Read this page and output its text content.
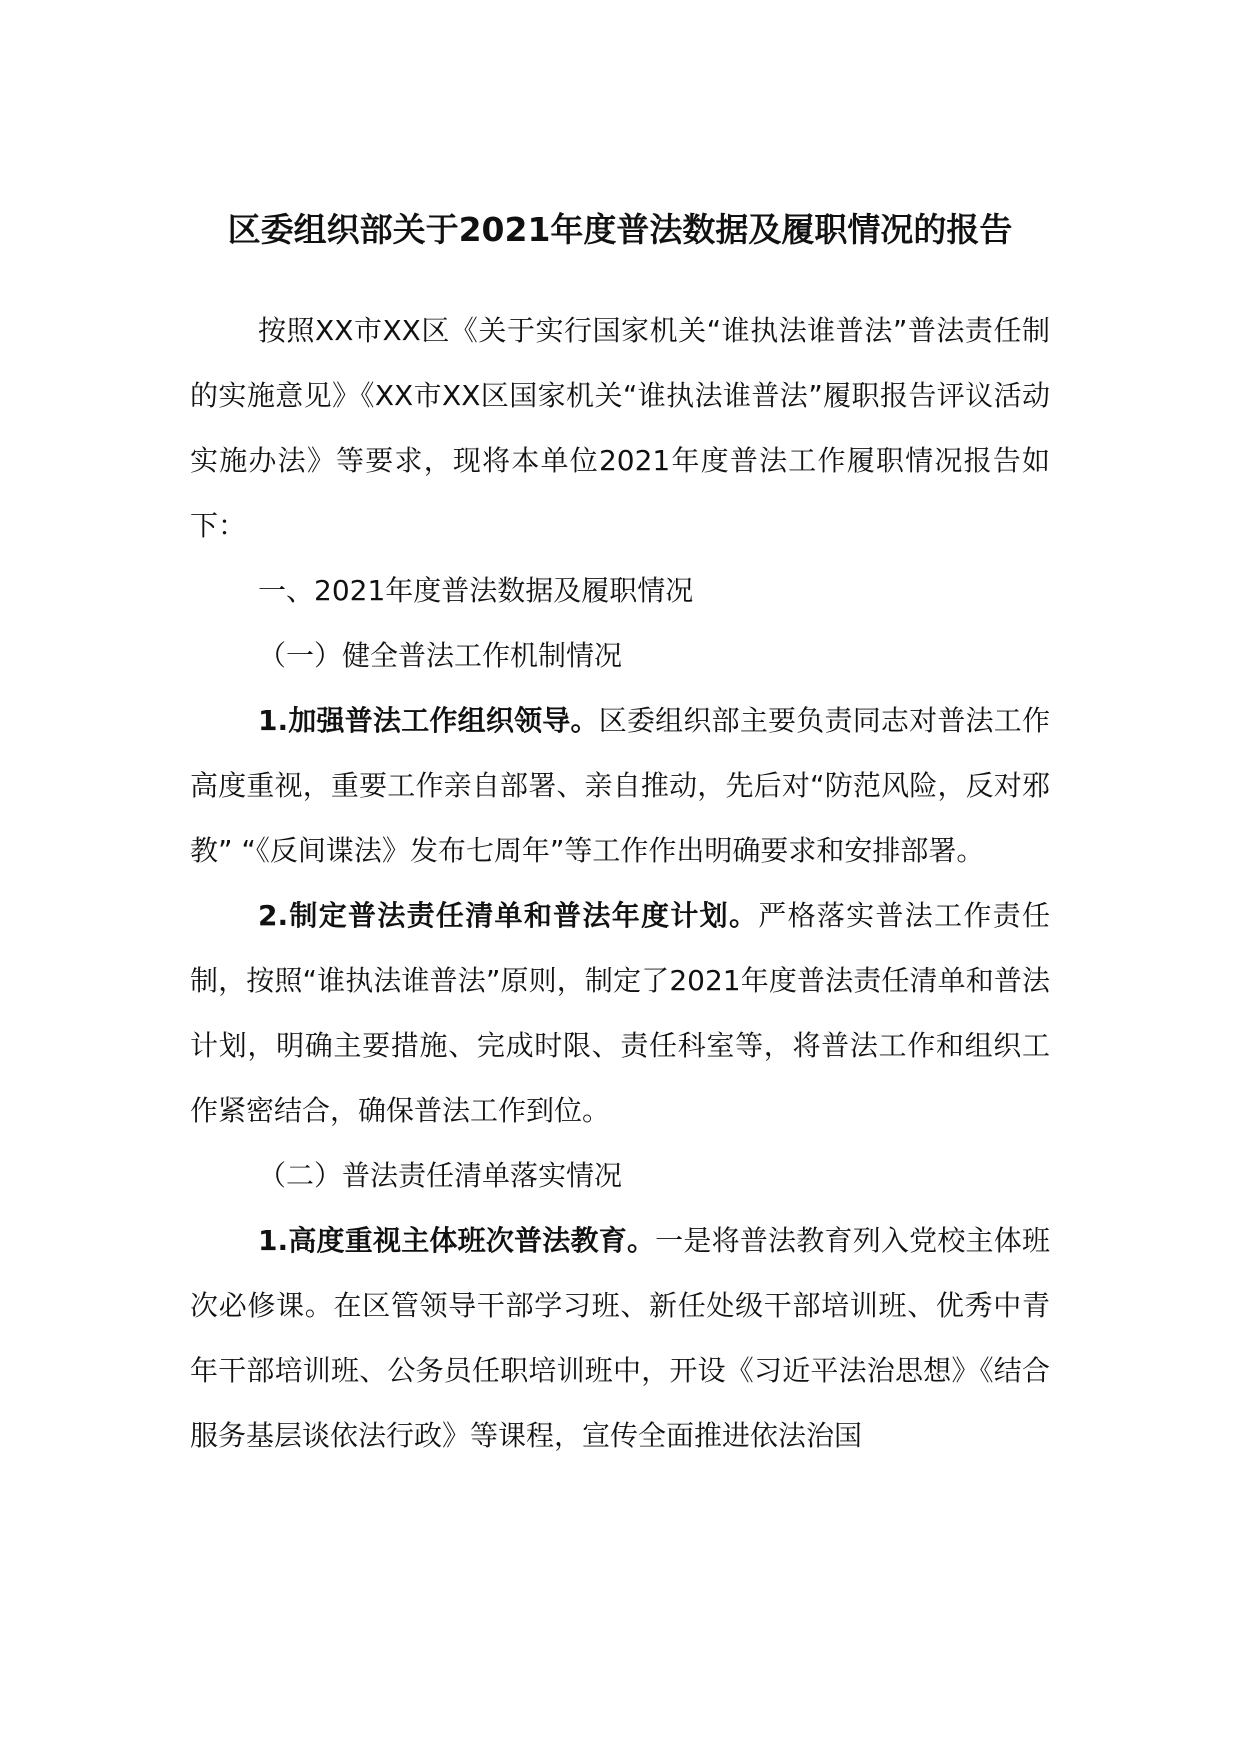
区委组织部关于2021年度普法数据及履职情况的报告

按照XX市XX区《关于实行国家机关“谁执法谁普法”普法责任制的实施意见》《XX市XX区国家机关“谁执法谁普法”履职报告评议活动实施办法》等要求，现将本单位2021年度普法工作履职情况报告如下：

一、2021年度普法数据及履职情况

（一）健全普法工作机制情况

1.加强普法工作组织领导。区委组织部主要负责同志对普法工作高度重视，重要工作亲自部署、亲自推动，先后对“防范风险，反对邪教” “《反间谍法》发布七周年”等工作作出明确要求和安排部署。

2.制定普法责任清单和普法年度计划。严格落实普法工作责任制，按照“谁执法谁普法”原则，制定了2021年度普法责任清单和普法计划，明确主要措施、完成时限、责任科室等，将普法工作和组织工作紧密结合，确保普法工作到位。

（二）普法责任清单落实情况

1.高度重视主体班次普法教育。一是将普法教育列入党校主体班次必修课。在区管领导干部学习班、新任处级干部培训班、优秀中青年干部培训班、公务员任职培训班中，开设《习近平法治思想》《结合服务基层谈依法行政》等课程，宣传全面推进依法治国
